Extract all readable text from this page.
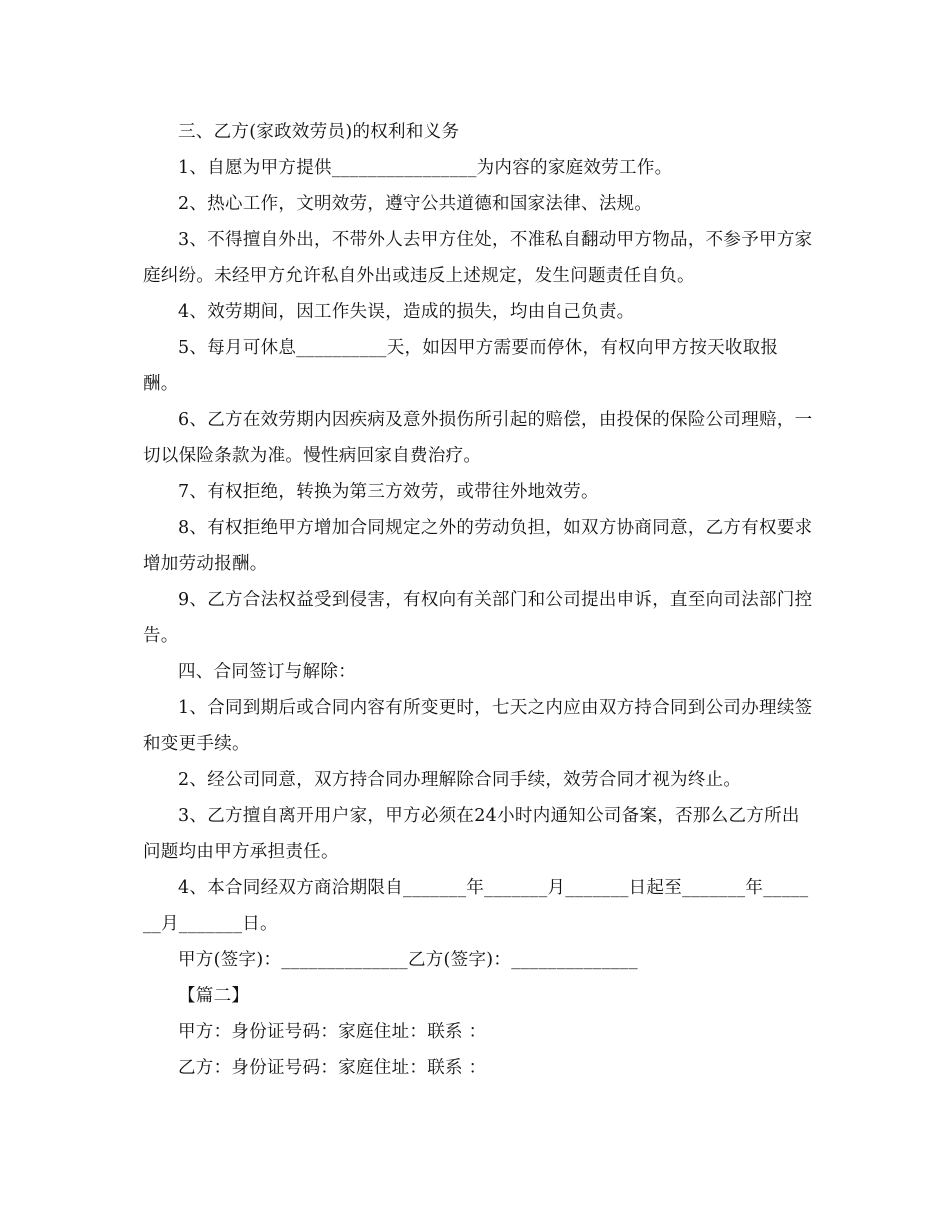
三、乙方(家政效劳员)的权利和义务

1、自愿为甲方提供________________为内容的家庭效劳工作。

2、热心工作，文明效劳，遵守公共道德和国家法律、法规。

3、不得擅自外出，不带外人去甲方住处，不准私自翻动甲方物品，不参予甲方家庭纠纷。未经甲方允许私自外出或违反上述规定，发生问题责任自负。

4、效劳期间，因工作失误，造成的损失，均由自己负责。

5、每月可休息__________天，如因甲方需要而停休，有权向甲方按天收取报酬。

6、乙方在效劳期内因疾病及意外损伤所引起的赔偿，由投保的保险公司理赔，一切以保险条款为准。慢性病回家自费治疗。

7、有权拒绝，转换为第三方效劳，或带往外地效劳。

8、有权拒绝甲方增加合同规定之外的劳动负担，如双方协商同意，乙方有权要求增加劳动报酬。

9、乙方合法权益受到侵害，有权向有关部门和公司提出申诉，直至向司法部门控告。

四、合同签订与解除：

1、合同到期后或合同内容有所变更时，七天之内应由双方持合同到公司办理续签和变更手续。

2、经公司同意，双方持合同办理解除合同手续，效劳合同才视为终止。

3、乙方擅自离开用户家，甲方必须在24小时内通知公司备案，否那么乙方所出问题均由甲方承担责任。

4、本合同经双方商洽期限自_______年_______月_______日起至_______年_______月_______日。

甲方(签字)：______________乙方(签字)：______________

【篇二】

甲方：身份证号码：家庭住址：联系 ：

乙方：身份证号码：家庭住址：联系 ：
